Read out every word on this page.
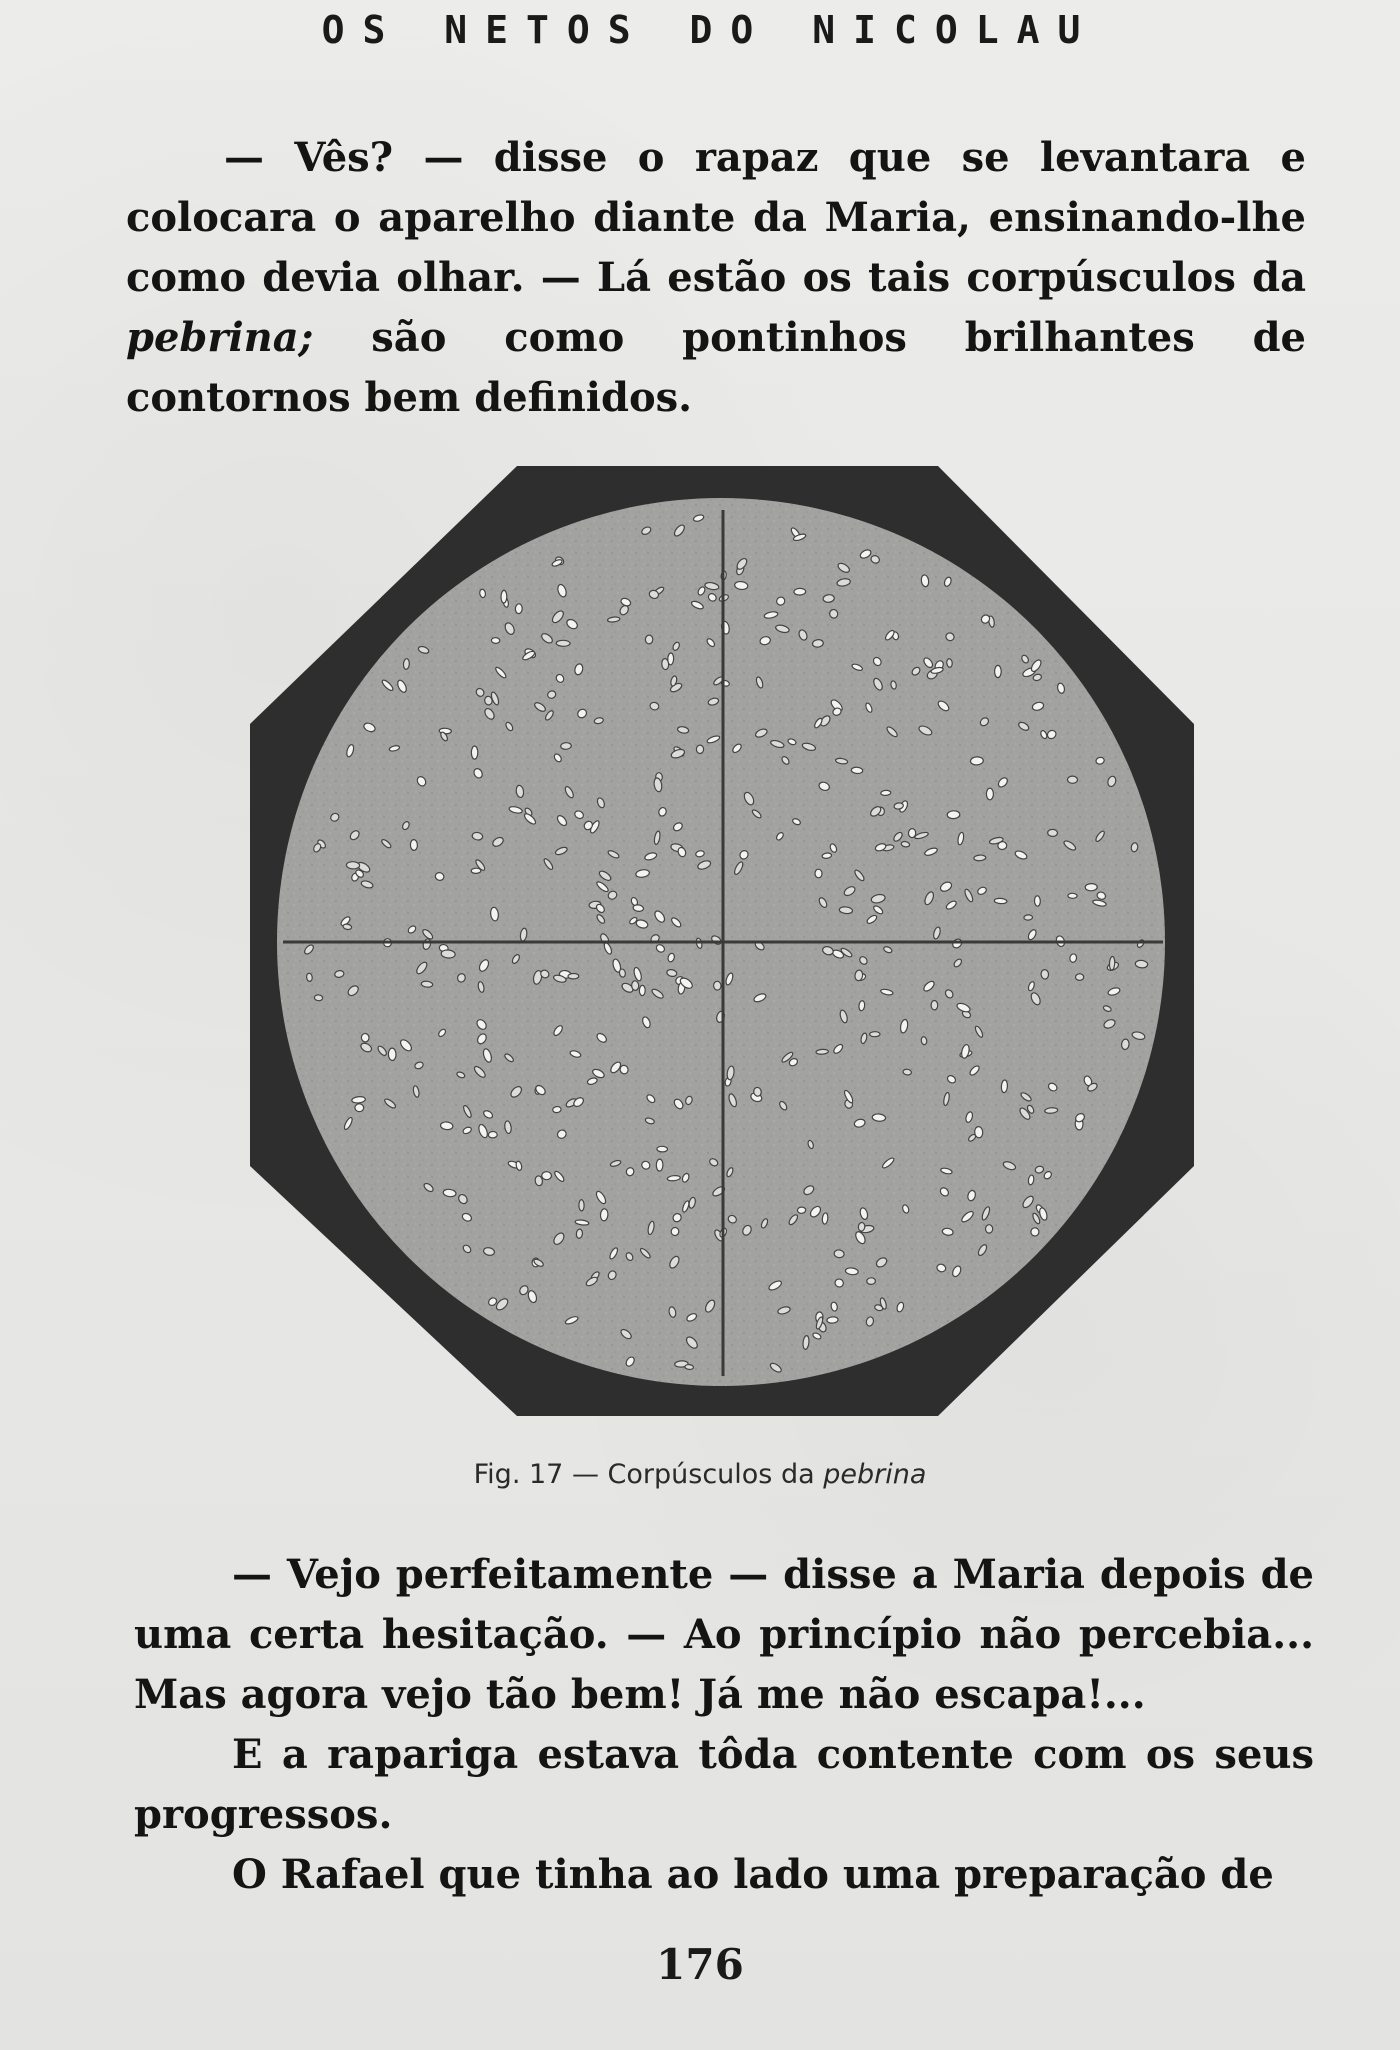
OS NETOS DO NICOLAU

— Vês? — disse o rapaz que se levantara e colocara o aparelho diante da Maria, ensinando-lhe como devia olhar. — Lá estão os tais corpúsculos da pebrina; são como pontinhos brilhantes de contornos bem definidos.

Fig. 17 — Corpúsculos da pebrina

— Vejo perfeitamente — disse a Maria depois de uma certa hesitação. — Ao princípio não percebia... Mas agora vejo tão bem! Já me não escapa!...

E a rapariga estava tôda contente com os seus progressos.

O Rafael que tinha ao lado uma preparação de

176
